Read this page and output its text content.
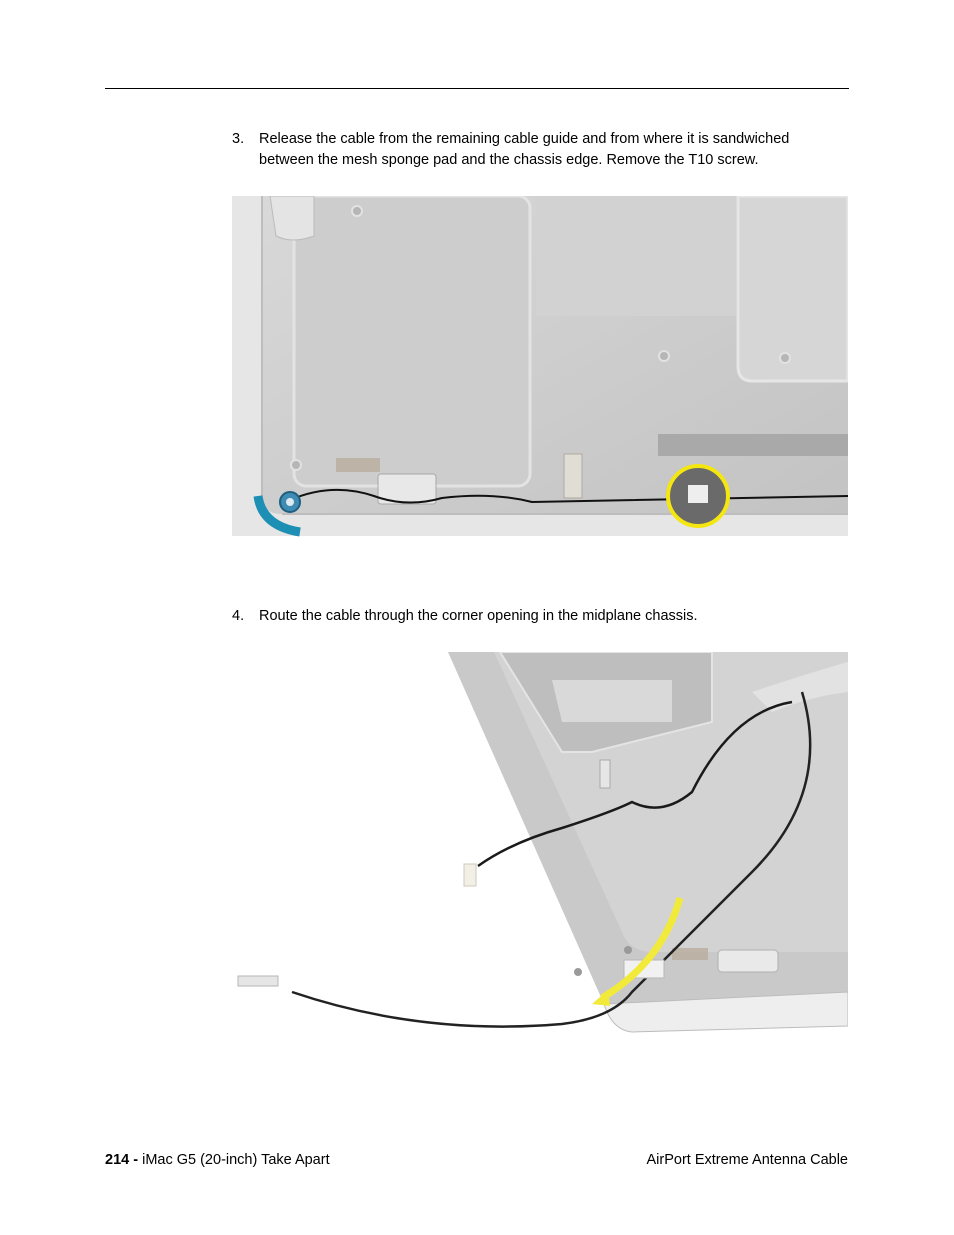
3.	Release the cable from the remaining cable guide and from where it is sandwiched
between the mesh sponge pad and the chassis edge. Remove the T10 screw.
4.	Route the cable through the corner opening in the midplane chassis.
214 - iMac G5 (20-inch) Take Apart	AirPort Extreme Antenna Cable
